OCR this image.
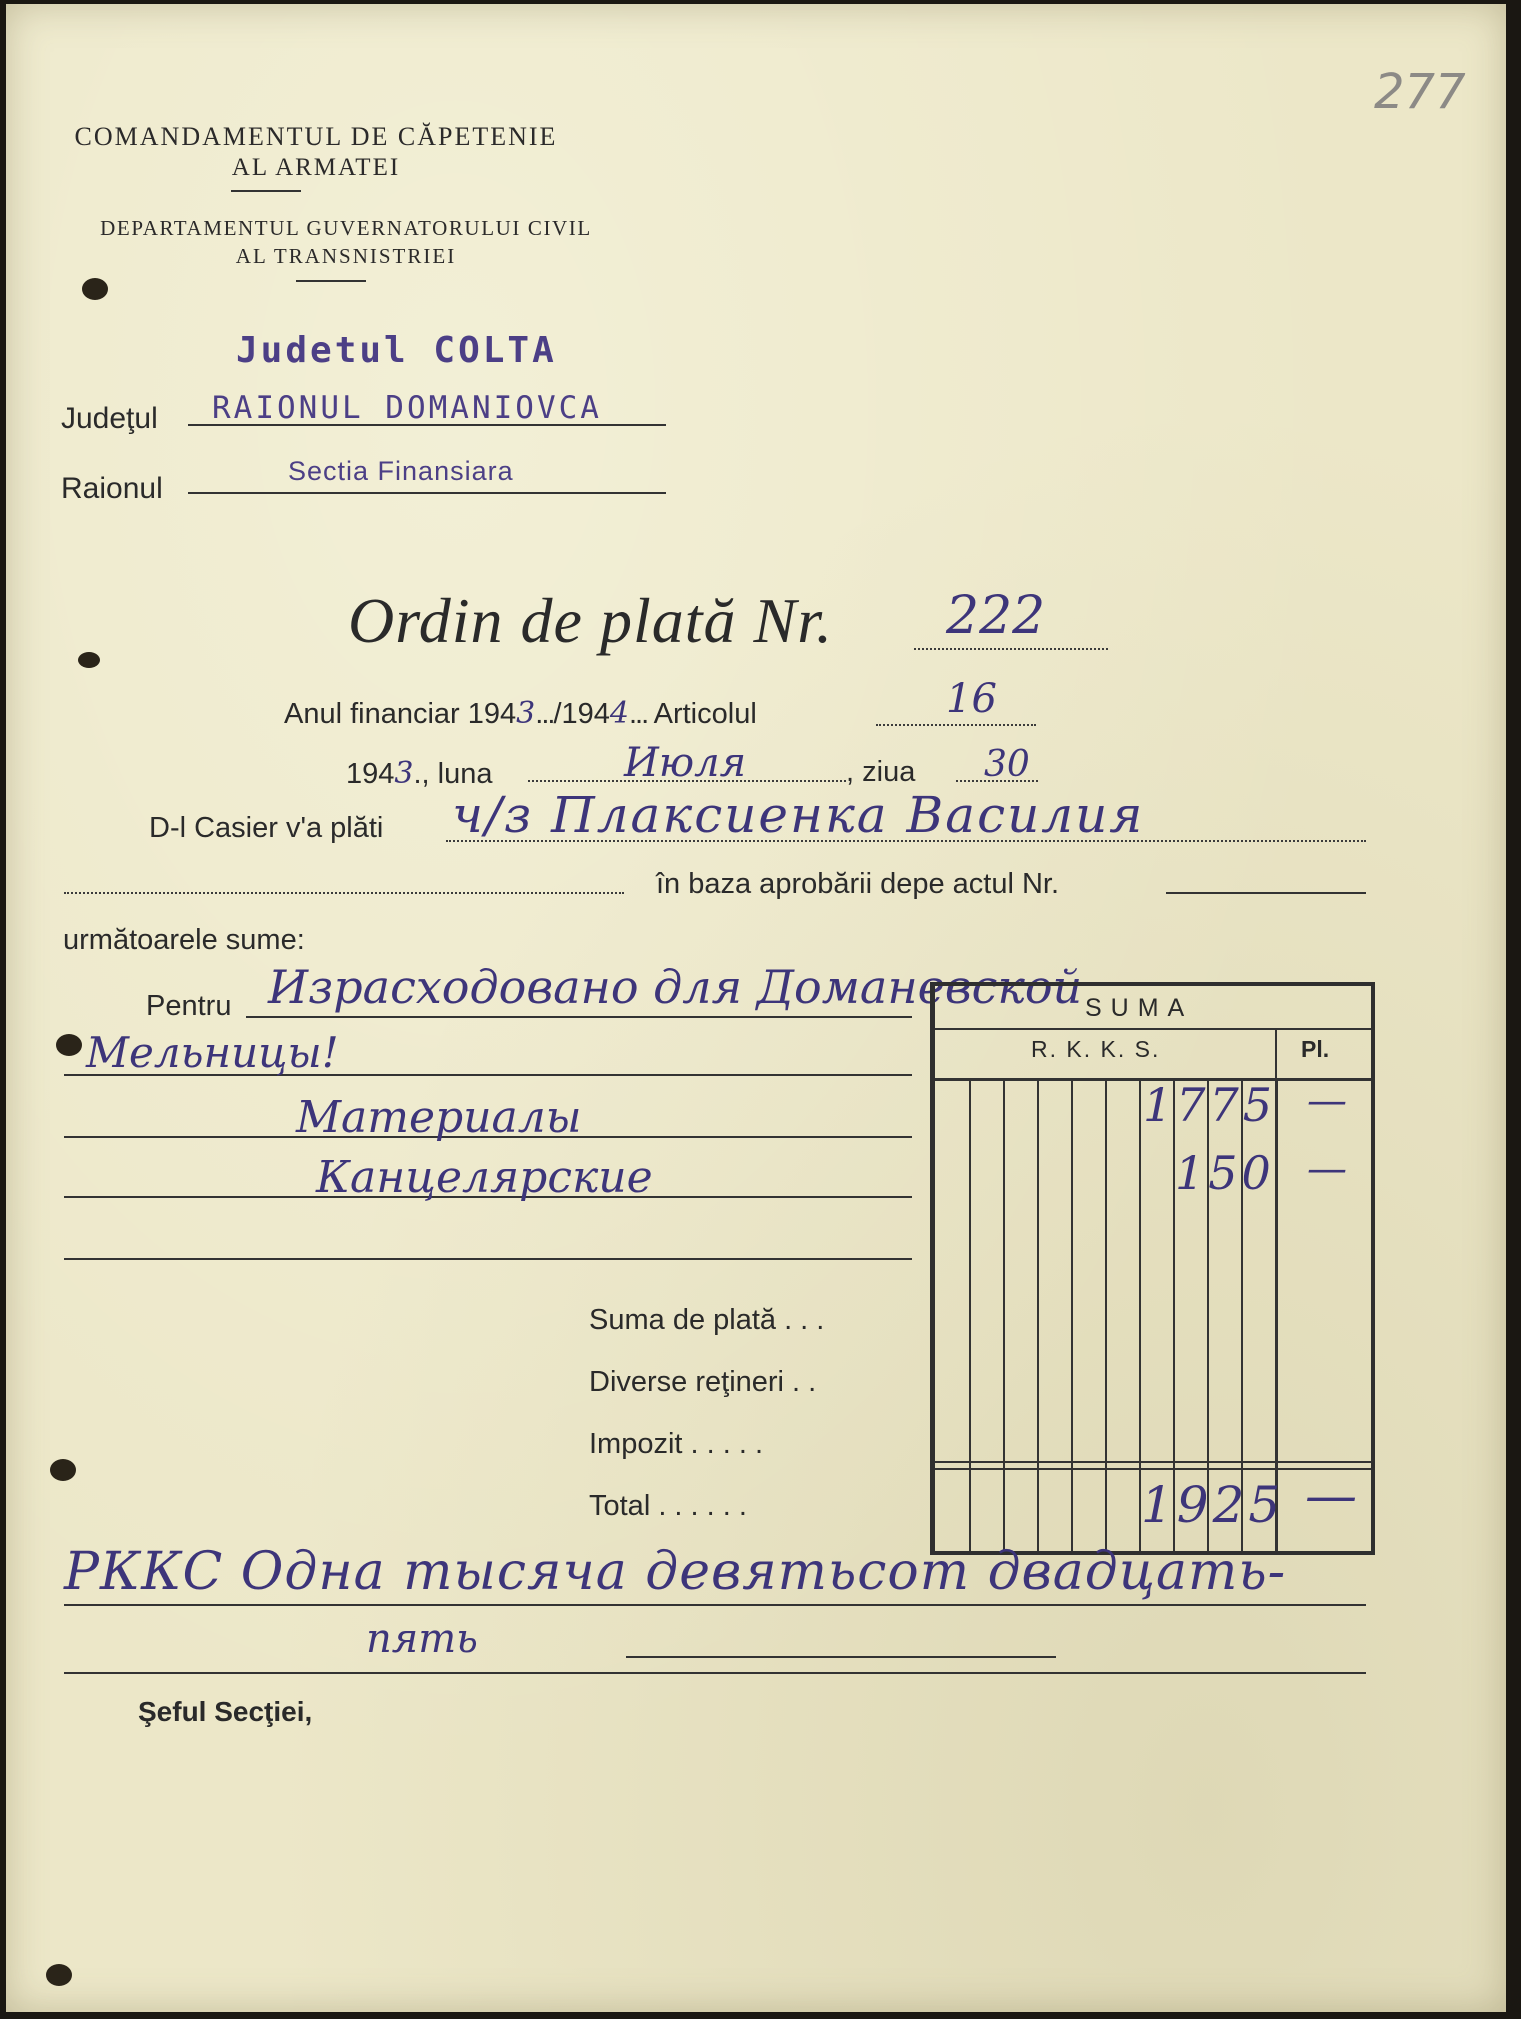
277
COMANDAMENTUL DE CĂPETENIE
AL ARMATEI
DEPARTAMENTUL GUVERNATORULUI CIVIL
AL TRANSNISTRIEI
Judetul COLTA
Judeţul RAIONUL DOMANIOVCA
Raionul
Sectia Finansiara
Ordin de plată Nr. 222
Anul financiar 1943.../1944... Articolul	16
1943., luna	Июля	, ziua 30
D-l Casier v'a plăti ч/з Плаксиенка Василия
în baza aprobării depe actul Nr.
următoarele sume:
Pentru Израсходовано для Доманевской
Мельницы!
Материалы
Канцелярские
Suma de plată . . .
Diverse reţineri . .
Impozit . . . . .
Total . . . . . .
SUMA
R. K. K. S.	Pl.
1775 —
150 —
1925 —
РККС Одна тысяча девятьсот двадцать-
пять
Şeful Secţiei,
